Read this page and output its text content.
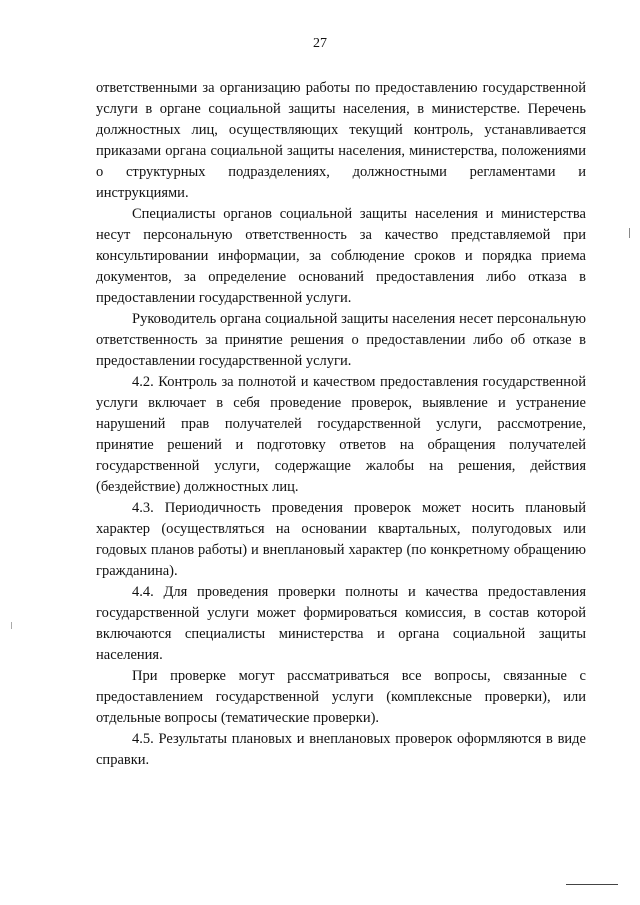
27

ответственными за организацию работы по предоставлению государственной услуги в органе социальной защиты населения, в министерстве. Перечень должностных лиц, осуществляющих текущий контроль, устанавливается приказами органа социальной защиты населения, министерства, положениями о структурных подразделениях, должностными регламентами и инструкциями.

Специалисты органов социальной защиты населения и министерства несут персональную ответственность за качество представляемой при консультировании информации, за соблюдение сроков и порядка приема документов, за определение оснований предоставления либо отказа в предоставлении государственной услуги.

Руководитель органа социальной защиты населения несет персональную ответственность за принятие решения о предоставлении либо об отказе в предоставлении государственной услуги.

4.2. Контроль за полнотой и качеством предоставления государственной услуги включает в себя проведение проверок, выявление и устранение нарушений прав получателей государственной услуги, рассмотрение, принятие решений и подготовку ответов на обращения получателей государственной услуги, содержащие жалобы на решения, действия (бездействие) должностных лиц.

4.3. Периодичность проведения проверок может носить плановый характер (осуществляться на основании квартальных, полугодовых или годовых планов работы) и внеплановый характер (по конкретному обращению гражданина).

4.4. Для проведения проверки полноты и качества предоставления государственной услуги может формироваться комиссия, в состав которой включаются специалисты министерства и органа социальной защиты населения.

При проверке могут рассматриваться все вопросы, связанные с предоставлением государственной услуги (комплексные проверки), или отдельные вопросы (тематические проверки).

4.5. Результаты плановых и внеплановых проверок оформляются в виде справки.
